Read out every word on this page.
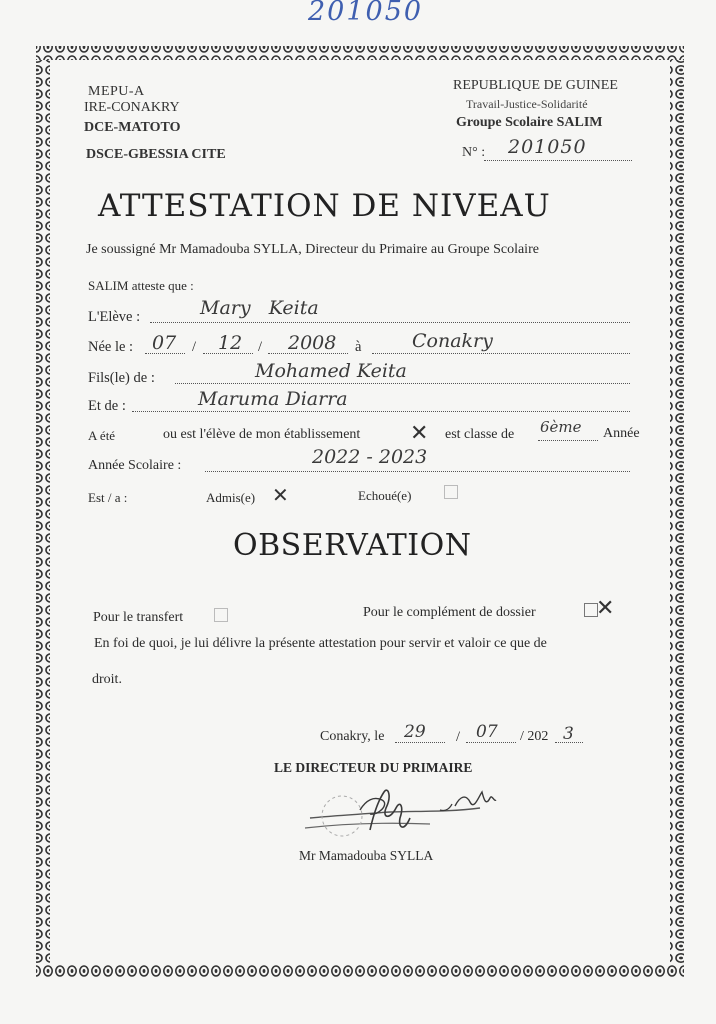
201050
MEPU-A
IRE-CONAKRY
DCE-MATOTO
DSCE-GBESSIA CITE
REPUBLIQUE DE GUINEE
Travail-Justice-Solidarité
Groupe Scolaire SALIM
N° : 201050
ATTESTATION DE NIVEAU
Je soussigné Mr Mamadouba SYLLA, Directeur du Primaire au Groupe Scolaire
SALIM atteste que :
L'Elève :	Mary   Keita
Née le : 07 / 12 / 2008 à	Conakry
Fils(le) de :	Mohamed Keita
Et de :	Maruma Diarra
A été	ou est l'élève de mon établissement ✕ est classe de 6ème Année
Année Scolaire :	2022 - 2023
Est / a :	Admis(e) ✕	Echoué(e)
OBSERVATION
Pour le transfert	Pour le complément de dossier	✕
En foi de quoi, je lui délivre la présente attestation pour servir et valoir ce que de
droit.
Conakry, le 29 / 07 / 202 3
LE DIRECTEUR DU PRIMAIRE
Mr Mamadouba SYLLA
